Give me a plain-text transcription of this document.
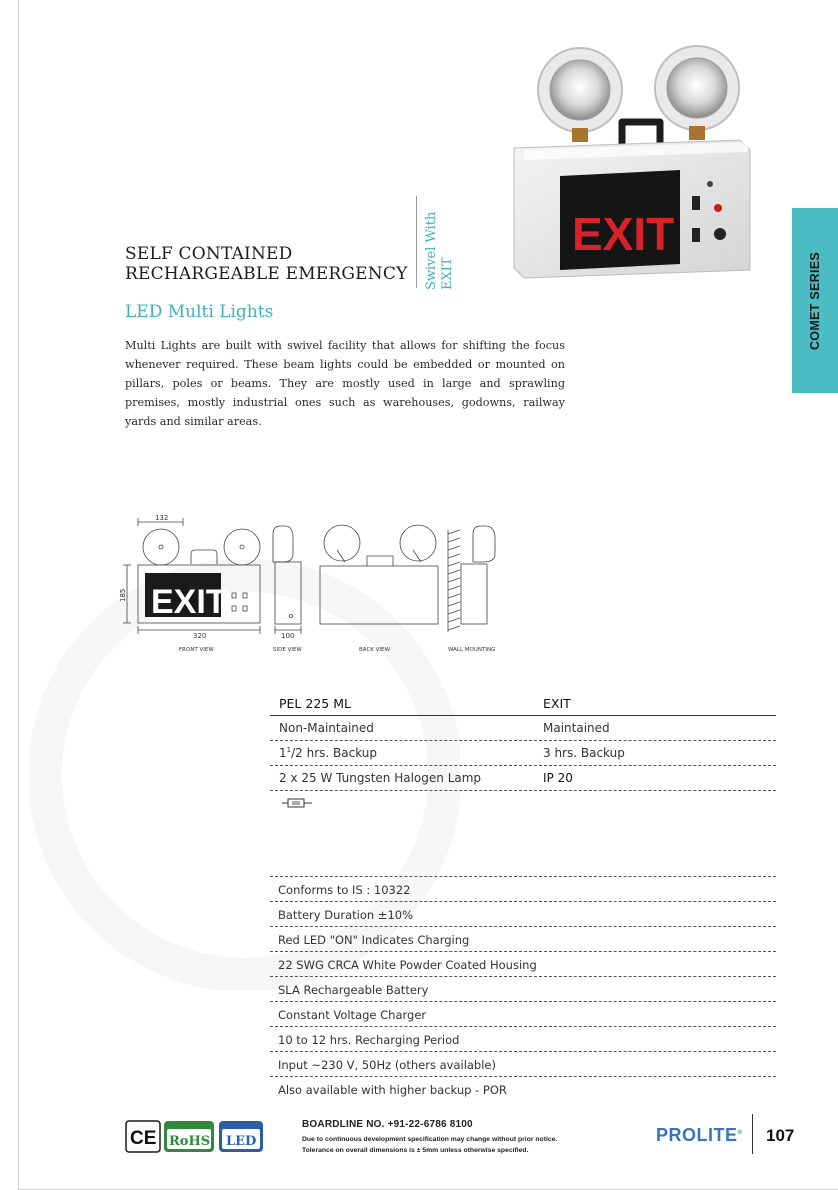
EXIT
SELF CONTAINED
RECHARGEABLE EMERGENCY Swivel With EXIT
LED Multi Lights
Multi Lights are built with swivel facility that allows for shifting the focus whenever required. These beam lights could be embedded or mounted on pillars, poles or beams. They are mostly used in large and sprawling premises, mostly industrial ones such as warehouses, godowns, railway yards and similar areas.
COMET SERIES
EXIT
132
185
320
FRONT VIEW
100
SIDE VIEW	BACK VIEW	WALL MOUNTING
PEL 225 ML	EXIT
Non-Maintained	Maintained
$1^1/2$ hrs. Backup	3 hrs. Backup
2 x 25 W Tungsten Halogen Lamp	IP 20
Conforms to IS : 10322
Battery Duration ±10%
Red LED "ON" Indicates Charging
22 SWG CRCA White Powder Coated Housing
SLA Rechargeable Battery
Constant Voltage Charger
10 to 12 hrs. Recharging Period
Input ~230 V, 50Hz (others available)
Also available with higher backup - POR
CE RoHS LED
BOARDLINE NO. +91-22-6786 8100
Due to continuous development specification may change without prior notice.
Tolerance on overall dimensions is ± 5mm unless otherwise specified.
PROLITE® 107
